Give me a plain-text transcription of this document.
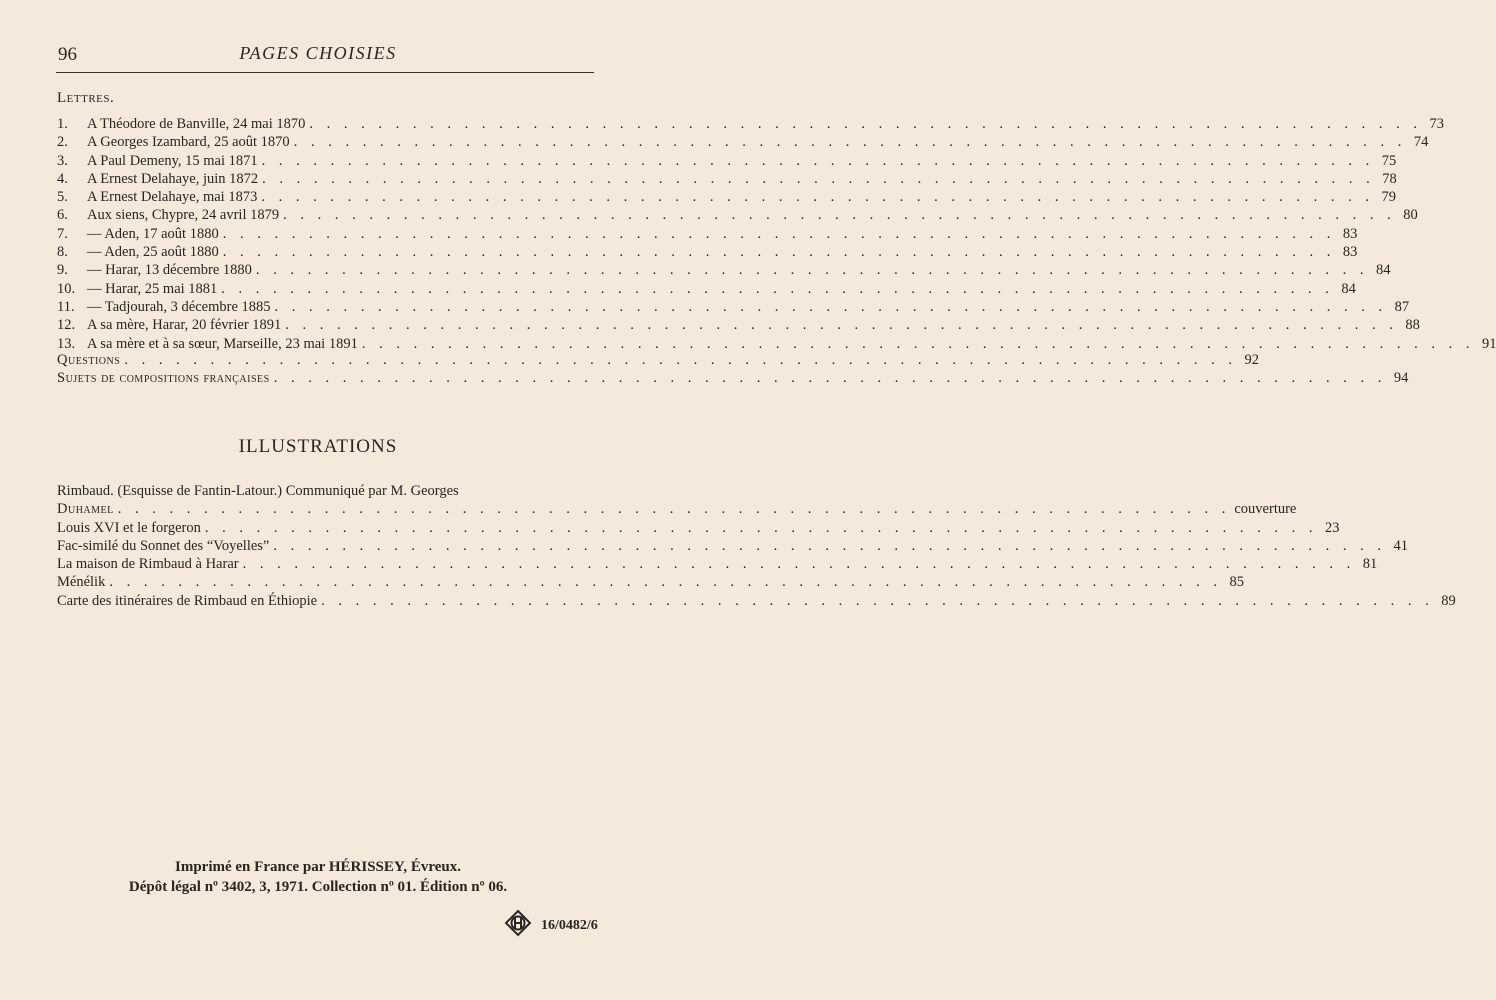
96	PAGES CHOISIES
Lettres.
1.	A Théodore de Banville, 24 mai 1870 . . . . . . . . . . . . . . . . . . . . . . . . . . . . . . . . . . . . . . . . . . . . . . . . . . . . . . . . . . . . . . . . . 73
2.	A Georges Izambard, 25 août 1870 . . . . . . . . . . . . . . . . . . . . . . . . . . . . . . . . . . . . . . . . . . . . . . . . . . . . . . . . . . . . . . . . . 74
3.	A Paul Demeny, 15 mai 1871 . . . . . . . . . . . . . . . . . . . . . . . . . . . . . . . . . . . . . . . . . . . . . . . . . . . . . . . . . . . . . . . . . 75
4.	A Ernest Delahaye, juin 1872 . . . . . . . . . . . . . . . . . . . . . . . . . . . . . . . . . . . . . . . . . . . . . . . . . . . . . . . . . . . . . . . . . 78
5.	A Ernest Delahaye, mai 1873 . . . . . . . . . . . . . . . . . . . . . . . . . . . . . . . . . . . . . . . . . . . . . . . . . . . . . . . . . . . . . . . . . 79
6.	Aux siens, Chypre, 24 avril 1879 . . . . . . . . . . . . . . . . . . . . . . . . . . . . . . . . . . . . . . . . . . . . . . . . . . . . . . . . . . . . . . . . . 80
7.	— Aden, 17 août 1880 . . . . . . . . . . . . . . . . . . . . . . . . . . . . . . . . . . . . . . . . . . . . . . . . . . . . . . . . . . . . . . . . . 83
8.	— Aden, 25 août 1880 . . . . . . . . . . . . . . . . . . . . . . . . . . . . . . . . . . . . . . . . . . . . . . . . . . . . . . . . . . . . . . . . . 83
9.	— Harar, 13 décembre 1880 . . . . . . . . . . . . . . . . . . . . . . . . . . . . . . . . . . . . . . . . . . . . . . . . . . . . . . . . . . . . . . . . . 84
10. — Harar, 25 mai 1881 . . . . . . . . . . . . . . . . . . . . . . . . . . . . . . . . . . . . . . . . . . . . . . . . . . . . . . . . . . . . . . . . . 84
11. — Tadjourah, 3 décembre 1885 . . . . . . . . . . . . . . . . . . . . . . . . . . . . . . . . . . . . . . . . . . . . . . . . . . . . . . . . . . . . . . . . . 87
12. A sa mère, Harar, 20 février 1891 . . . . . . . . . . . . . . . . . . . . . . . . . . . . . . . . . . . . . . . . . . . . . . . . . . . . . . . . . . . . . . . . . 88
13. A sa mère et à sa sœur, Marseille, 23 mai 1891 . . . . . . . . . . . . . . . . . . . . . . . . . . . . . . . . . . . . . . . . . . . . . . . . . . . . . . . . . . . . . . . . . 91
Questions . . . . . . . . . . . . . . . . . . . . . . . . . . . . . . . . . . . . . . . . . . . . . . . . . . . . . . . . . . . . . . . . . 92
Sujets de compositions françaises . . . . . . . . . . . . . . . . . . . . . . . . . . . . . . . . . . . . . . . . . . . . . . . . . . . . . . . . . . . . . . . . . 94
ILLUSTRATIONS
Rimbaud. (Esquisse de Fantin-Latour.) Communiqué par M. Georges
Duhamel . . . . . . . . . . . . . . . . . . . . . . . . . . . . . . . . . . . . . . . . . . . . . . . . . . . . . . . . . . . . . . . . . couverture
Louis XVI et le forgeron . . . . . . . . . . . . . . . . . . . . . . . . . . . . . . . . . . . . . . . . . . . . . . . . . . . . . . . . . . . . . . . . . 23
Fac-similé du Sonnet des “Voyelles” . . . . . . . . . . . . . . . . . . . . . . . . . . . . . . . . . . . . . . . . . . . . . . . . . . . . . . . . . . . . . . . . . 41
La maison de Rimbaud à Harar . . . . . . . . . . . . . . . . . . . . . . . . . . . . . . . . . . . . . . . . . . . . . . . . . . . . . . . . . . . . . . . . . 81
Ménélik . . . . . . . . . . . . . . . . . . . . . . . . . . . . . . . . . . . . . . . . . . . . . . . . . . . . . . . . . . . . . . . . . 85
Carte des itinéraires de Rimbaud en Éthiopie . . . . . . . . . . . . . . . . . . . . . . . . . . . . . . . . . . . . . . . . . . . . . . . . . . . . . . . . . . . . . . . . . 89
Imprimé en France par HÉRISSEY, Évreux.
Dépôt légal nº 3402, 3, 1971. Collection nº 01. Édition nº 06.
16/0482/6
